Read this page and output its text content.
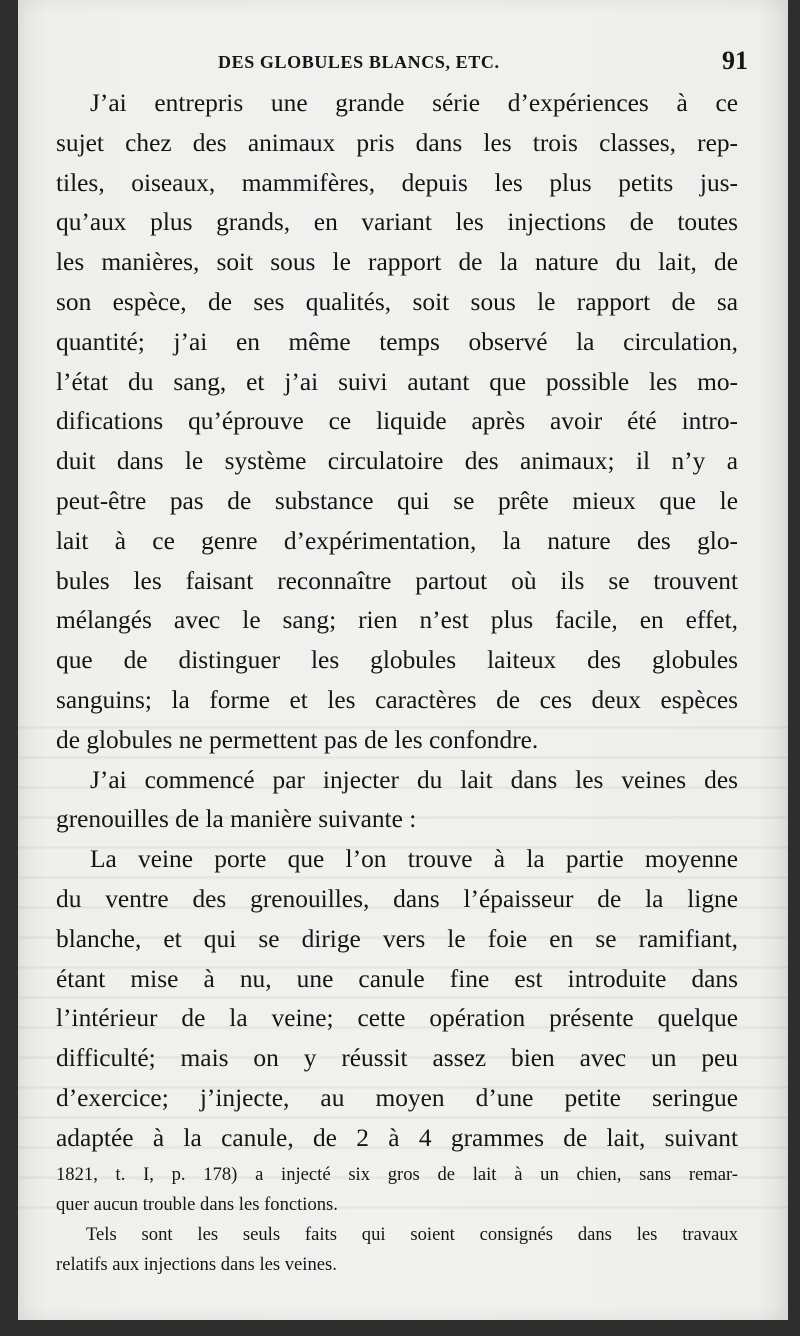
DES GLOBULES BLANCS, ETC.	91

J’ai entrepris une grande série d’expériences à ce
sujet chez des animaux pris dans les trois classes, rep-
tiles, oiseaux, mammifères, depuis les plus petits jus-
qu’aux plus grands, en variant les injections de toutes
les manières, soit sous le rapport de la nature du lait, de
son espèce, de ses qualités, soit sous le rapport de sa
quantité; j’ai en même temps observé la circulation,
l’état du sang, et j’ai suivi autant que possible les mo-
difications qu’éprouve ce liquide après avoir été intro-
duit dans le système circulatoire des animaux; il n’y a
peut-être pas de substance qui se prête mieux que le
lait à ce genre d’expérimentation, la nature des glo-
bules les faisant reconnaître partout où ils se trouvent
mélangés avec le sang; rien n’est plus facile, en effet,
que de distinguer les globules laiteux des globules
sanguins; la forme et les caractères de ces deux espèces
de globules ne permettent pas de les confondre.

J’ai commencé par injecter du lait dans les veines des
grenouilles de la manière suivante :

La veine porte que l’on trouve à la partie moyenne
du ventre des grenouilles, dans l’épaisseur de la ligne
blanche, et qui se dirige vers le foie en se ramifiant,
étant mise à nu, une canule fine est introduite dans
l’intérieur de la veine; cette opération présente quelque
difficulté; mais on y réussit assez bien avec un peu
d’exercice; j’injecte, au moyen d’une petite seringue
adaptée à la canule, de 2 à 4 grammes de lait, suivant

1821, t. I, p. 178) a injecté six gros de lait à un chien, sans remar-
quer aucun trouble dans les fonctions.

Tels sont les seuls faits qui soient consignés dans les travaux
relatifs aux injections dans les veines.
